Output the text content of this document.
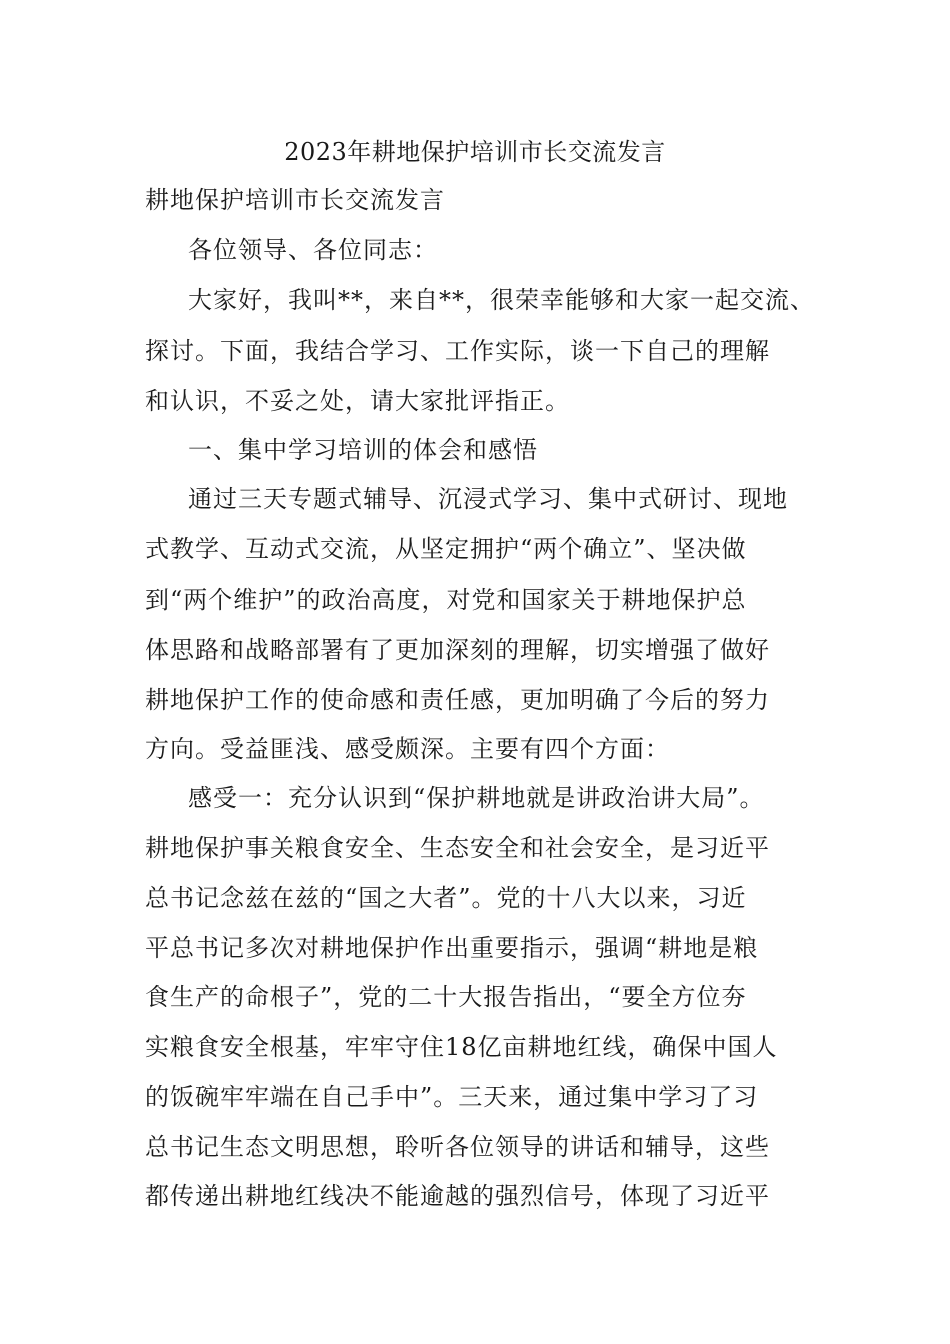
2023年耕地保护培训市长交流发言
耕地保护培训市长交流发言
各位领导、各位同志：
大家好，我叫**，来自**，很荣幸能够和大家一起交流、
探讨。下面，我结合学习、工作实际，谈一下自己的理解
和认识，不妥之处，请大家批评指正。
一、集中学习培训的体会和感悟
通过三天专题式辅导、沉浸式学习、集中式研讨、现地
式教学、互动式交流，从坚定拥护“两个确立”、坚决做
到“两个维护”的政治高度，对党和国家关于耕地保护总
体思路和战略部署有了更加深刻的理解，切实增强了做好
耕地保护工作的使命感和责任感，更加明确了今后的努力
方向。受益匪浅、感受颇深。主要有四个方面：
感受一：充分认识到“保护耕地就是讲政治讲大局”。
耕地保护事关粮食安全、生态安全和社会安全，是习近平
总书记念兹在兹的“国之大者”。党的十八大以来，习近
平总书记多次对耕地保护作出重要指示，强调“耕地是粮
食生产的命根子”，党的二十大报告指出，“要全方位夯
实粮食安全根基，牢牢守住18亿亩耕地红线，确保中国人
的饭碗牢牢端在自己手中”。三天来，通过集中学习了习
总书记生态文明思想，聆听各位领导的讲话和辅导，这些
都传递出耕地红线决不能逾越的强烈信号，体现了习近平
